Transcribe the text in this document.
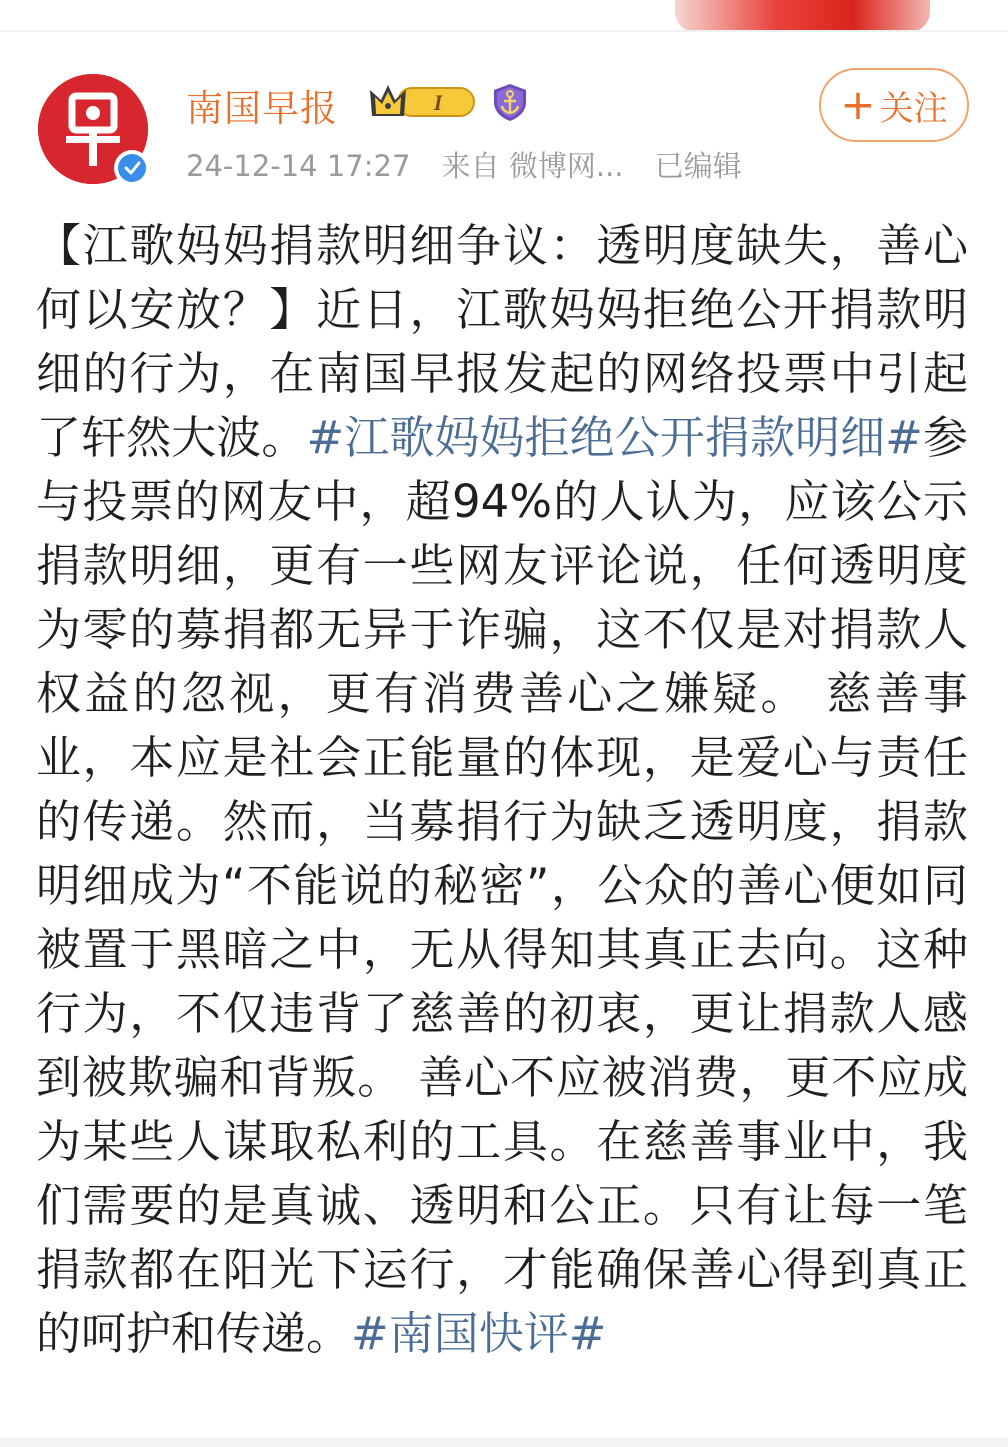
南国早报	I
24-12-14 17:27 来自 微博网... 已编辑
+ 关注
【江歌妈妈捐款明细争议：透明度缺失，善心何以安放？】近日，江歌妈妈拒绝公开捐款明细的行为，在南国早报发起的网络投票中引起了轩然大波。#江歌妈妈拒绝公开捐款明细#参与投票的网友中，超94%的人认为，应该公示捐款明细，更有一些网友评论说，任何透明度为零的募捐都无异于诈骗，这不仅是对捐款人权益的忽视，更有消费善心之嫌疑。 慈善事业，本应是社会正能量的体现，是爱心与责任的传递。然而，当募捐行为缺乏透明度，捐款明细成为“不能说的秘密”，公众的善心便如同被置于黑暗之中，无从得知其真正去向。这种行为，不仅违背了慈善的初衷，更让捐款人感到被欺骗和背叛。 善心不应被消费，更不应成为某些人谋取私利的工具。在慈善事业中，我们需要的是真诚、透明和公正。只有让每一笔捐款都在阳光下运行，才能确保善心得到真正的呵护和传递。#南国快评#
